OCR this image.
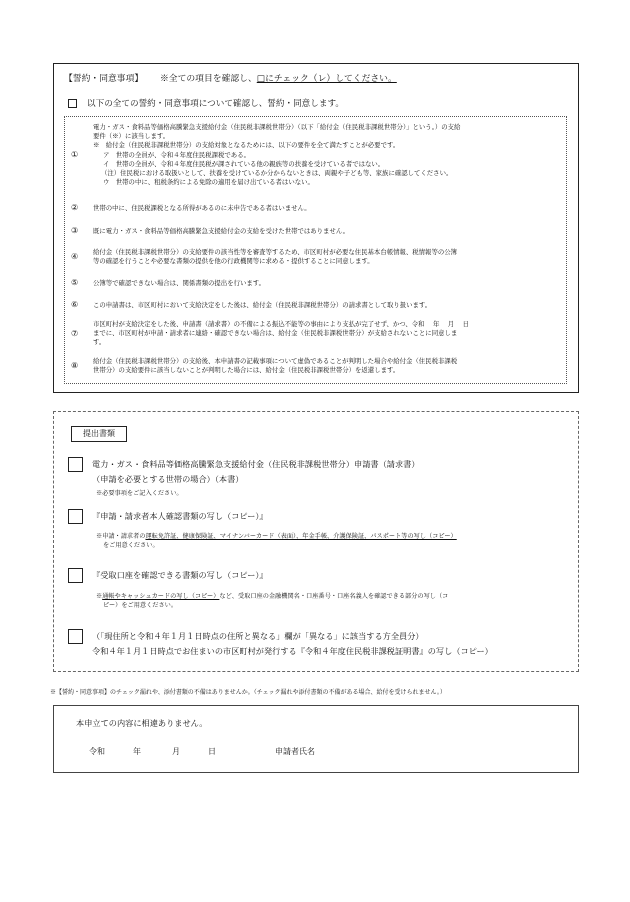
【誓約・同意事項】 ※全ての項目を確認し、□にチェック（レ）してください。
以下の全ての誓約・同意事項について確認し、誓約・同意します。
①
電力・ガス・食料品等価格高騰緊急支援給付金（住民税非課税世帯分）（以下「給付金（住民税非課税世帯分）」という。）の支給
要件（※）に該当します。
※　給付金（住民税非課税世帯分）の支給対象となるためには、以下の要件を全て満たすことが必要です。
ア　世帯の全員が、令和４年度住民税課税である。
イ　世帯の全員が、令和４年度住民税が課されている他の親族等の扶養を受けている者ではない。
（注）住民税における取扱いとして、扶養を受けているか分からないときは、両親や子ども等、家族に確認してください。
ウ　世帯の中に、租税条約による免除の適用を届け出ている者はいない。
② 世帯の中に、住民税課税となる所得があるのに未申告である者はいません。
③ 既に電力・ガス・食料品等価格高騰緊急支援給付金の支給を受けた世帯ではありません。
④ 給付金（住民税非課税世帯分）の支給要件の該当性等を審査等するため、市区町村が必要な住民基本台帳情報、税情報等の公簿
等の確認を行うことや必要な書類の提供を他の行政機関等に求める・提供することに同意します。
⑤ 公簿等で確認できない場合は、関係書類の提出を行います。
⑥ この申請書は、市区町村において支給決定をした後は、給付金（住民税非課税世帯分）の請求書として取り扱います。
⑦
市区町村が支給決定をした後、申請書（請求書）の不備による振込不能等の事由により支払が完了せず、かつ、令和　 年　 月　 日
までに、市区町村が申請・請求者に連絡・確認できない場合は、給付金（住民税非課税世帯分）が支給されないことに同意しま
す。
⑧ 給付金（住民税非課税世帯分）の支給後、本申請書の記載事項について虚偽であることが判明した場合や給付金（住民税非課税
世帯分）の支給要件に該当しないことが判明した場合には、給付金（住民税非課税世帯分）を返還します。
提出書類
電力・ガス・食料品等価格高騰緊急支援給付金（住民税非課税世帯分）申請書（請求書）
（申請を必要とする世帯の場合）（本書）
※必要事項をご記入ください。
『申請・請求者本人確認書類の写し（コピー）』
※申請・請求者の運転免許証、健康保険証、マイナンバーカード（表面）、年金手帳、介護保険証、パスポート等の写し（コピー）
をご用意ください。
『受取口座を確認できる書類の写し（コピー）』
※通帳やキャッシュカードの写し（コピー）など、受取口座の金融機関名・口座番号・口座名義人を確認できる部分の写し（コ
ピー）をご用意ください。
（「現住所と令和４年１月１日時点の住所と異なる」欄が「異なる」に該当する方全員分）
令和４年１月１日時点でお住まいの市区町村が発行する『令和４年度住民税非課税証明書』の写し（コピー）
※【誓約・同意事項】のチェック漏れや、添付書類の不備はありませんか。（チェック漏れや添付書類の不備がある場合、給付を受けられません。）
本申立ての内容に相違ありません。
令和	年	月	日	申請者氏名
